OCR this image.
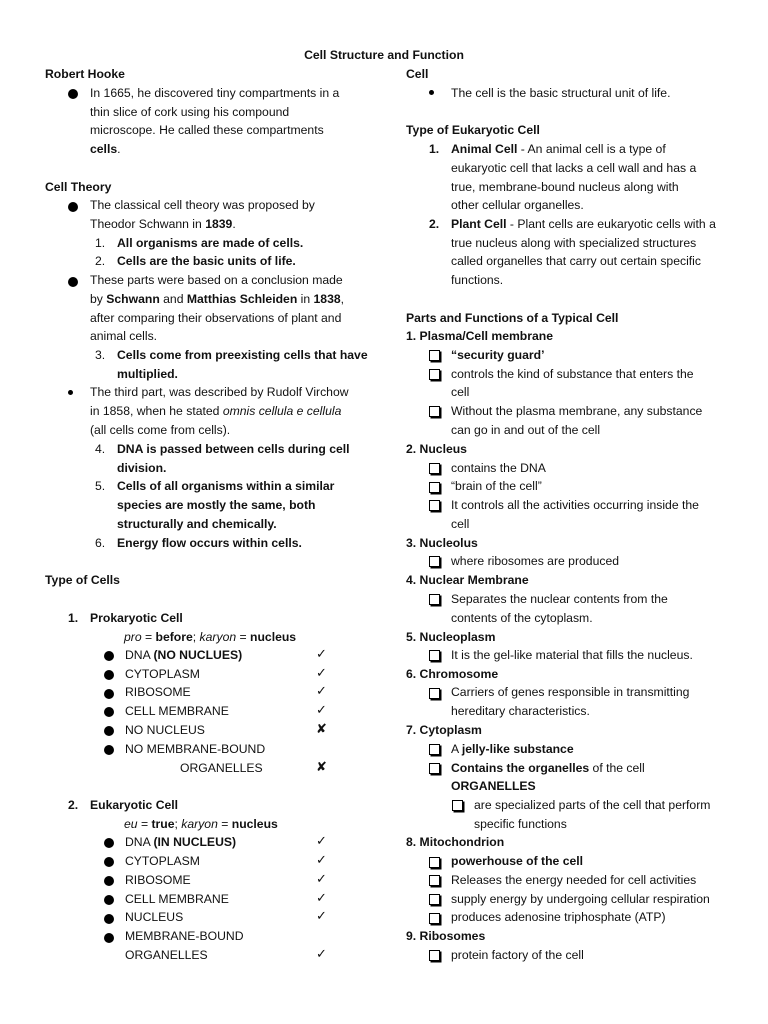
Cell Structure and Function
Robert Hooke
In 1665, he discovered tiny compartments in a
thin slice of cork using his compound
microscope. He called these compartments
cells.
Cell Theory
The classical cell theory was proposed by
Theodor Schwann in 1839.
1. All organisms are made of cells.
2. Cells are the basic units of life.
These parts were based on a conclusion made
by Schwann and Matthias Schleiden in 1838,
after comparing their observations of plant and
animal cells.
3. Cells come from preexisting cells that have
multiplied.
The third part, was described by Rudolf Virchow
in 1858, when he stated omnis cellula e cellula
(all cells come from cells).
4. DNA is passed between cells during cell
division.
5. Cells of all organisms within a similar
species are mostly the same, both
structurally and chemically.
6. Energy flow occurs within cells.
Type of Cells
1. Prokaryotic Cell
pro = before; karyon = nucleus
DNA (NO NUCLUES)	✓
CYTOPLASM	✓
RIBOSOME	✓
CELL MEMBRANE	✓
NO NUCLEUS	✘
NO MEMBRANE-BOUND
ORGANELLES	✘
2. Eukaryotic Cell
eu = true; karyon = nucleus
DNA (IN NUCLEUS)	✓
CYTOPLASM	✓
RIBOSOME	✓
CELL MEMBRANE	✓
NUCLEUS	✓
MEMBRANE-BOUND
ORGANELLES	✓
Cell
The cell is the basic structural unit of life.
Type of Eukaryotic Cell
1. Animal Cell - An animal cell is a type of
eukaryotic cell that lacks a cell wall and has a
true, membrane-bound nucleus along with
other cellular organelles.
2. Plant Cell - Plant cells are eukaryotic cells with a
true nucleus along with specialized structures
called organelles that carry out certain specific
functions.
Parts and Functions of a Typical Cell
1. Plasma/Cell membrane
“security guard’
controls the kind of substance that enters the
cell
Without the plasma membrane, any substance
can go in and out of the cell
2. Nucleus
contains the DNA
“brain of the cell”
It controls all the activities occurring inside the
cell
3. Nucleolus
where ribosomes are produced
4. Nuclear Membrane
Separates the nuclear contents from the
contents of the cytoplasm.
5. Nucleoplasm
It is the gel-like material that fills the nucleus.
6. Chromosome
Carriers of genes responsible in transmitting
hereditary characteristics.
7. Cytoplasm
A jelly-like substance
Contains the organelles of the cell
ORGANELLES
are specialized parts of the cell that perform
specific functions
8. Mitochondrion
powerhouse of the cell
Releases the energy needed for cell activities
supply energy by undergoing cellular respiration
produces adenosine triphosphate (ATP)
9. Ribosomes
protein factory of the cell
